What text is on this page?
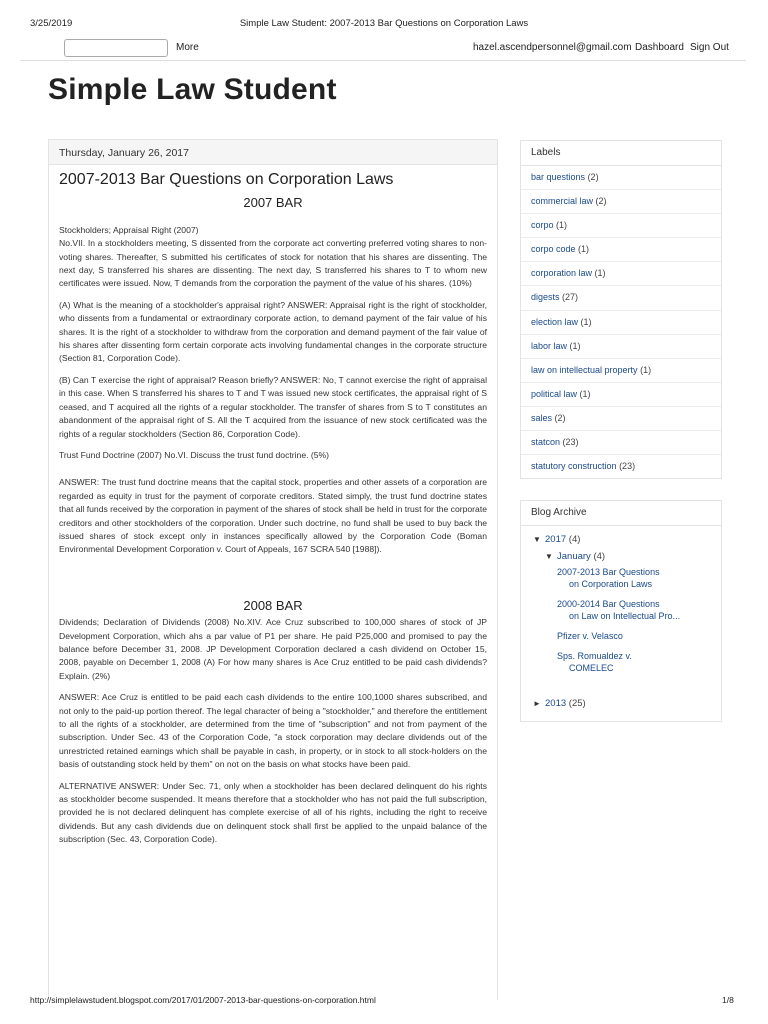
3/25/2019	Simple Law Student: 2007-2013 Bar Questions on Corporation Laws
More	hazel.ascendpersonnel@gmail.com Dashboard Sign Out
Simple Law Student
Thursday, January 26, 2017
2007-2013 Bar Questions on Corporation Laws
2007 BAR

Stockholders; Appraisal Right (2007)

No.VII. In a stockholders meeting, S dissented from the corporate act converting preferred voting shares to non-voting shares. Thereafter, S submitted his certificates of stock for notation that his shares are dissenting. The next day, S transferred his shares are dissenting. The next day, S transferred his shares to T to whom new certificates were issued. Now, T demands from the corporation the payment of the value of his shares. (10%)

(A) What is the meaning of a stockholder's appraisal right? ANSWER: Appraisal right is the right of stockholder, who dissents from a fundamental or extraordinary corporate action, to demand payment of the fair value of his shares. It is the right of a stockholder to withdraw from the corporation and demand payment of the fair value of his shares after dissenting form certain corporate acts involving fundamental changes in the corporate structure (Section 81, Corporation Code).

(B) Can T exercise the right of appraisal? Reason briefly? ANSWER: No, T cannot exercise the right of appraisal in this case. When S transferred his shares to T and T was issued new stock certificates, the appraisal right of S ceased, and T acquired all the rights of a regular stockholder. The transfer of shares from S to T constitutes an abandonment of the appraisal right of S. All the T acquired from the issuance of new stock certificated was the rights of a regular stockholders (Section 86, Corporation Code).

Trust Fund Doctrine (2007) No.VI. Discuss the trust fund doctrine. (5%)

ANSWER: The trust fund doctrine means that the capital stock, properties and other assets of a corporation are regarded as equity in trust for the payment of corporate creditors. Stated simply, the trust fund doctrine states that all funds received by the corporation in payment of the shares of stock shall be held in trust for the corporate creditors and other stockholders of the corporation. Under such doctrine, no fund shall be used to buy back the issued shares of stock except only in instances specifically allowed by the Corporation Code (Boman Environmental Development Corporation v. Court of Appeals, 167 SCRA 540 [1988]).

2008 BAR

Dividends; Declaration of Dividends (2008) No.XIV. Ace Cruz subscribed to 100,000 shares of stock of JP Development Corporation, which ahs a par value of P1 per share. He paid P25,000 and promised to pay the balance before December 31, 2008. JP Development Corporation declared a cash dividend on October 15, 2008, payable on December 1, 2008 (A) For how many shares is Ace Cruz entitled to be paid cash dividends? Explain. (2%)

ANSWER: Ace Cruz is entitled to be paid each cash dividends to the entire 100,1000 shares subscribed, and not only to the paid-up portion thereof. The legal character of being a "stockholder," and therefore the entitlement to all the rights of a stockholder, are determined from the time of "subscription" and not from payment of the subscription. Under Sec. 43 of the Corporation Code, "a stock corporation may declare dividends out of the unrestricted retained earnings which shall be payable in cash, in property, or in stock to all stock-holders on the basis of outstanding stock held by them" on not on the basis on what stocks have been paid.

ALTERNATIVE ANSWER: Under Sec. 71, only when a stockholder has been declared delinquent do his rights as stockholder become suspended. It means therefore that a stockholder who has not paid the full subscription, provided he is not declared delinquent has complete exercise of all of his rights, including the right to receive dividends. But any cash dividends due on delinquent stock shall first be applied to the unpaid balance of the subscription (Sec. 43, Corporation Code).

Labels
bar questions (2)
commercial law (2)
corpo (1)
corpo code (1)
corporation law (1)
digests (27)
election law (1)
labor law (1)
law on intellectual property (1)
political law (1)
sales (2)
statcon (23)
statutory construction (23)
Blog Archive
▼ 2017 (4)
▼ January (4)
2007-2013 Bar Questions
on Corporation Laws
2000-2014 Bar Questions
on Law on Intellectual Pro...
Pfizer v. Velasco
Sps. Romualdez v.
COMELEC
► 2013 (25)
http://simplelawstudent.blogspot.com/2017/01/2007-2013-bar-questions-on-corporation.html	1/8
